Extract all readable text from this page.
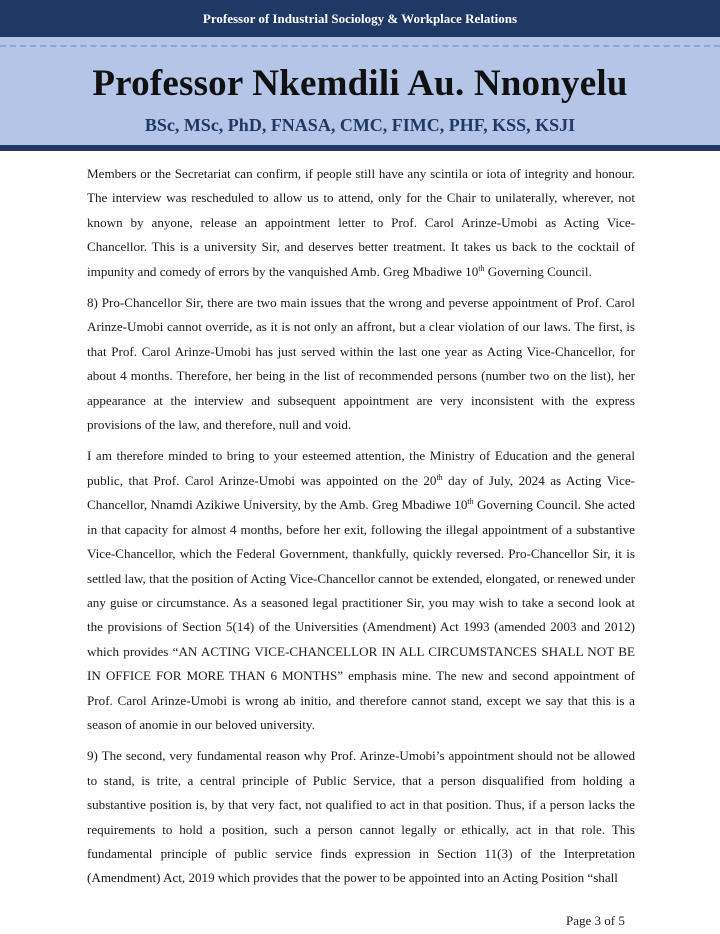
Professor of Industrial Sociology & Workplace Relations
Professor Nkemdili Au. Nnonyelu
BSc, MSc, PhD, FNASA, CMC, FIMC, PHF, KSS, KSJI

Members or the Secretariat can confirm, if people still have any scintila or iota of integrity and honour. The interview was rescheduled to allow us to attend, only for the Chair to unilaterally, wherever, not known by anyone, release an appointment letter to Prof. Carol Arinze-Umobi as Acting Vice-Chancellor. This is a university Sir, and deserves better treatment. It takes us back to the cocktail of impunity and comedy of errors by the vanquished Amb. Greg Mbadiwe 10th Governing Council.

8) Pro-Chancellor Sir, there are two main issues that the wrong and peverse appointment of Prof. Carol Arinze-Umobi cannot override, as it is not only an affront, but a clear violation of our laws. The first, is that Prof. Carol Arinze-Umobi has just served within the last one year as Acting Vice-Chancellor, for about 4 months. Therefore, her being in the list of recommended persons (number two on the list), her appearance at the interview and subsequent appointment are very inconsistent with the express provisions of the law, and therefore, null and void.

I am therefore minded to bring to your esteemed attention, the Ministry of Education and the general public, that Prof. Carol Arinze-Umobi was appointed on the 20th day of July, 2024 as Acting Vice-Chancellor, Nnamdi Azikiwe University, by the Amb. Greg Mbadiwe 10th Governing Council. She acted in that capacity for almost 4 months, before her exit, following the illegal appointment of a substantive Vice-Chancellor, which the Federal Government, thankfully, quickly reversed. Pro-Chancellor Sir, it is settled law, that the position of Acting Vice-Chancellor cannot be extended, elongated, or renewed under any guise or circumstance. As a seasoned legal practitioner Sir, you may wish to take a second look at the provisions of Section 5(14) of the Universities (Amendment) Act 1993 (amended 2003 and 2012) which provides “AN ACTING VICE-CHANCELLOR IN ALL CIRCUMSTANCES SHALL NOT BE IN OFFICE FOR MORE THAN 6 MONTHS” emphasis mine. The new and second appointment of Prof. Carol Arinze-Umobi is wrong ab initio, and therefore cannot stand, except we say that this is a season of anomie in our beloved university.

9) The second, very fundamental reason why Prof. Arinze-Umobi’s appointment should not be allowed to stand, is trite, a central principle of Public Service, that a person disqualified from holding a substantive position is, by that very fact, not qualified to act in that position. Thus, if a person lacks the requirements to hold a position, such a person cannot legally or ethically, act in that role. This fundamental principle of public service finds expression in Section 11(3) of the Interpretation (Amendment) Act, 2019 which provides that the power to be appointed into an Acting Position “shall

Page 3 of 5
